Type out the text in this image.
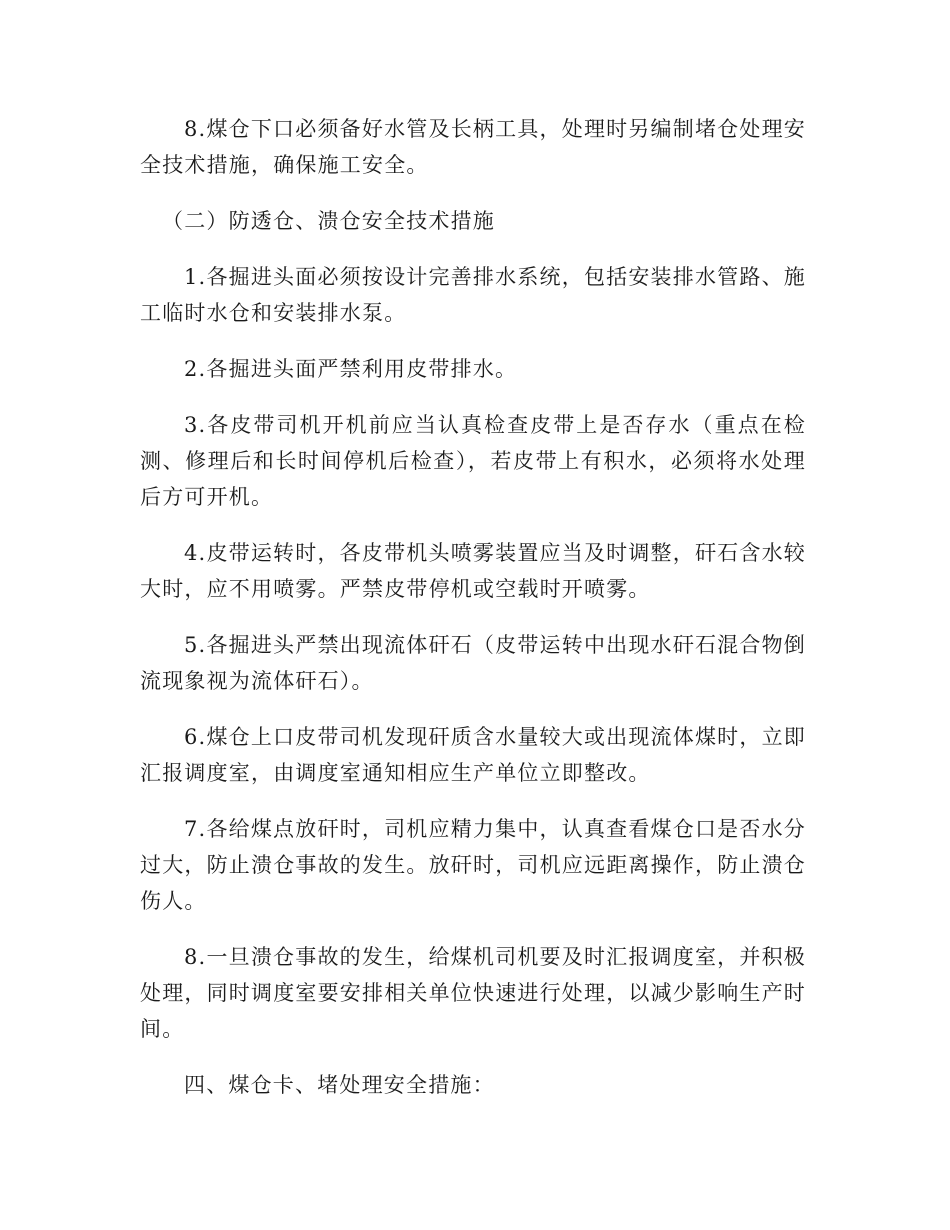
8.煤仓下口必须备好水管及长柄工具，处理时另编制堵仓处理安全技术措施，确保施工安全。

（二）防透仓、溃仓安全技术措施

1.各掘进头面必须按设计完善排水系统，包括安装排水管路、施工临时水仓和安装排水泵。

2.各掘进头面严禁利用皮带排水。

3.各皮带司机开机前应当认真检查皮带上是否存水（重点在检测、修理后和长时间停机后检查），若皮带上有积水，必须将水处理后方可开机。

4.皮带运转时，各皮带机头喷雾装置应当及时调整，矸石含水较大时，应不用喷雾。严禁皮带停机或空载时开喷雾。

5.各掘进头严禁出现流体矸石（皮带运转中出现水矸石混合物倒流现象视为流体矸石）。

6.煤仓上口皮带司机发现矸质含水量较大或出现流体煤时，立即汇报调度室，由调度室通知相应生产单位立即整改。

7.各给煤点放矸时，司机应精力集中，认真查看煤仓口是否水分过大，防止溃仓事故的发生。放矸时，司机应远距离操作，防止溃仓伤人。

8.一旦溃仓事故的发生，给煤机司机要及时汇报调度室，并积极处理，同时调度室要安排相关单位快速进行处理，以减少影响生产时间。

四、煤仓卡、堵处理安全措施：
